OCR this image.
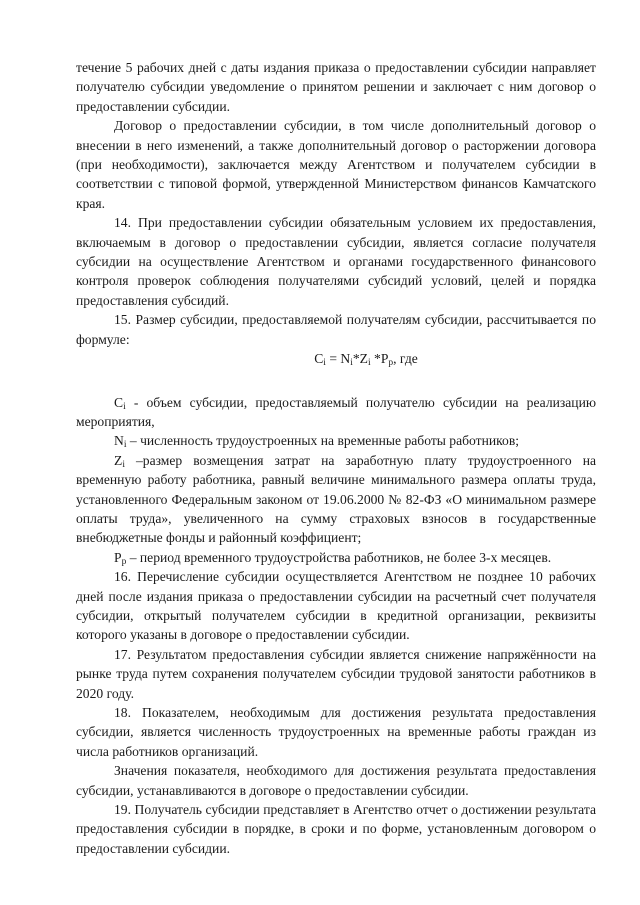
течение 5 рабочих дней с даты издания приказа о предоставлении субсидии направляет получателю субсидии уведомление о принятом решении и заключает с ним договор о предоставлении субсидии.

Договор о предоставлении субсидии, в том числе дополнительный договор о внесении в него изменений, а также дополнительный договор о расторжении договора (при необходимости), заключается между Агентством и получателем субсидии в соответствии с типовой формой, утвержденной Министерством финансов Камчатского края.

14. При предоставлении субсидии обязательным условием их предоставления, включаемым в договор о предоставлении субсидии, является согласие получателя субсидии на осуществление Агентством и органами государственного финансового контроля проверок соблюдения получателями субсидий условий, целей и порядка предоставления субсидий.

15. Размер субсидии, предоставляемой получателям субсидии, рассчитывается по формуле:

$C_i = N_i*Z_i$ $*P_p$, где

$C_i$ - объем субсидии, предоставляемый получателю субсидии на реализацию мероприятия,

$N_i$ – численность трудоустроенных на временные работы работников;

$Z_i$ –размер возмещения затрат на заработную плату трудоустроенного на временную работу работника, равный величине минимального размера оплаты труда, установленного Федеральным законом от 19.06.2000 № 82-ФЗ «О минимальном размере оплаты труда», увеличенного на сумму страховых взносов в государственные внебюджетные фонды и районный коэффициент;

$P_p$ – период временного трудоустройства работников, не более 3-х месяцев.

16. Перечисление субсидии осуществляется Агентством не позднее 10 рабочих дней после издания приказа о предоставлении субсидии на расчетный счет получателя субсидии, открытый получателем субсидии в кредитной организации, реквизиты которого указаны в договоре о предоставлении субсидии.

17. Результатом предоставления субсидии является снижение напряжённости на рынке труда путем сохранения получателем субсидии трудовой занятости работников в 2020 году.

18. Показателем, необходимым для достижения результата предоставления субсидии, является численность трудоустроенных на временные работы граждан из числа работников организаций.

Значения показателя, необходимого для достижения результата предоставления субсидии, устанавливаются в договоре о предоставлении субсидии.

19. Получатель субсидии представляет в Агентство отчет о достижении результата предоставления субсидии в порядке, в сроки и по форме, установленным договором о предоставлении субсидии.
